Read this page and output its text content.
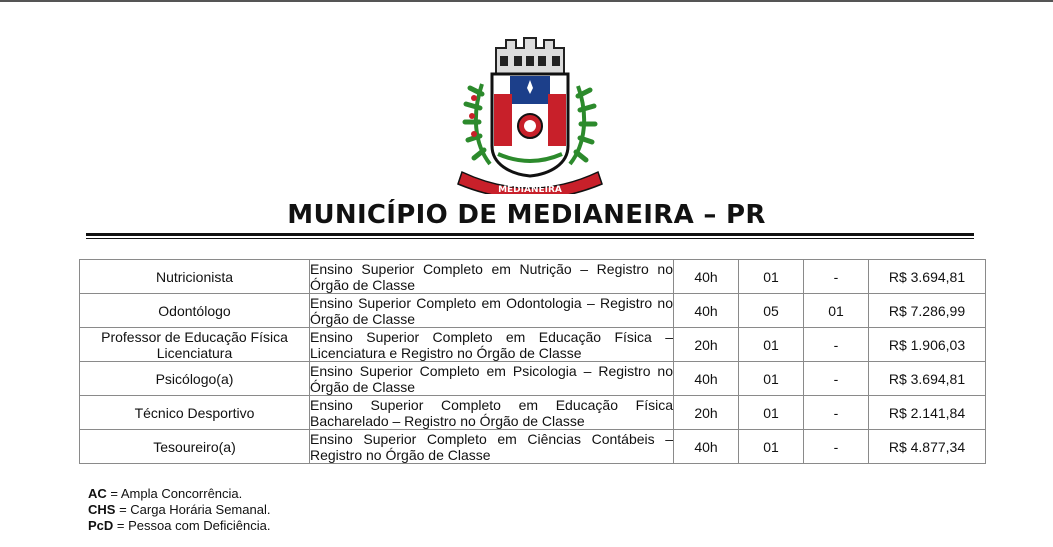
MEDIANEIRA
MUNICÍPIO DE MEDIANEIRA – PR
Nutricionista	Ensino Superior Completo em Nutrição – Registro no Órgão de Classe	40h	01	-	R$ 3.694,81
Odontólogo	Ensino Superior Completo em Odontologia – Registro no Órgão de Classe	40h	05	01	R$ 7.286,99
Professor de Educação Física Licenciatura	Ensino Superior Completo em Educação Física – Licenciatura e Registro no Órgão de Classe	20h	01	-	R$ 1.906,03
Psicólogo(a)	Ensino Superior Completo em Psicologia – Registro no Órgão de Classe	40h	01	-	R$ 3.694,81
Técnico Desportivo	Ensino Superior Completo em Educação Física Bacharelado – Registro no Órgão de Classe	20h	01	-	R$ 2.141,84
Tesoureiro(a)	Ensino Superior Completo em Ciências Contábeis – Registro no Órgão de Classe	40h	01	-	R$ 4.877,34
AC = Ampla Concorrência.
CHS = Carga Horária Semanal.
PcD = Pessoa com Deficiência.
